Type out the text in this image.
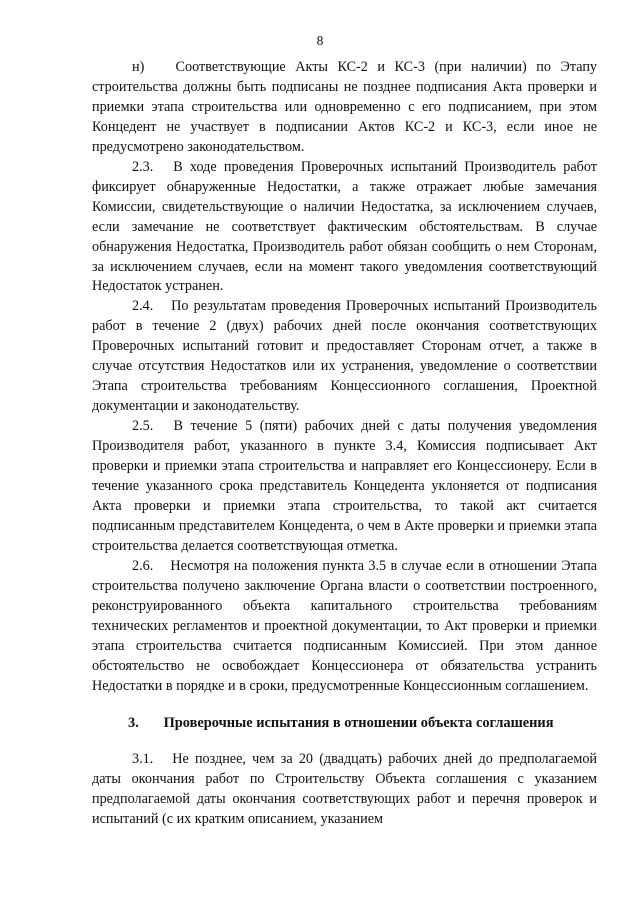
8

н) Соответствующие Акты КС-2 и КС-3 (при наличии) по Этапу строительства должны быть подписаны не позднее подписания Акта проверки и приемки этапа строительства или одновременно с его подписанием, при этом Концедент не участвует в подписании Актов КС-2 и КС-3, если иное не предусмотрено законодательством.

2.3. В ходе проведения Проверочных испытаний Производитель работ фиксирует обнаруженные Недостатки, а также отражает любые замечания Комиссии, свидетельствующие о наличии Недостатка, за исключением случаев, если замечание не соответствует фактическим обстоятельствам. В случае обнаружения Недостатка, Производитель работ обязан сообщить о нем Сторонам, за исключением случаев, если на момент такого уведомления соответствующий Недостаток устранен.

2.4. По результатам проведения Проверочных испытаний Производитель работ в течение 2 (двух) рабочих дней после окончания соответствующих Проверочных испытаний готовит и предоставляет Сторонам отчет, а также в случае отсутствия Недостатков или их устранения, уведомление о соответствии Этапа строительства требованиям Концессионного соглашения, Проектной документации и законодательству.

2.5. В течение 5 (пяти) рабочих дней с даты получения уведомления Производителя работ, указанного в пункте 3.4, Комиссия подписывает Акт проверки и приемки этапа строительства и направляет его Концессионеру. Если в течение указанного срока представитель Концедента уклоняется от подписания Акта проверки и приемки этапа строительства, то такой акт считается подписанным представителем Концедента, о чем в Акте проверки и приемки этапа строительства делается соответствующая отметка.

2.6. Несмотря на положения пункта 3.5 в случае если в отношении Этапа строительства получено заключение Органа власти о соответствии построенного, реконструированного объекта капитального строительства требованиям технических регламентов и проектной документации, то Акт проверки и приемки этапа строительства считается подписанным Комиссией. При этом данное обстоятельство не освобождает Концессионера от обязательства устранить Недостатки в порядке и в сроки, предусмотренные Концессионным соглашением.

3. Проверочные испытания в отношении объекта соглашения

3.1. Не позднее, чем за 20 (двадцать) рабочих дней до предполагаемой даты окончания работ по Строительству Объекта соглашения с указанием предполагаемой даты окончания соответствующих работ и перечня проверок и испытаний (с их кратким описанием, указанием
